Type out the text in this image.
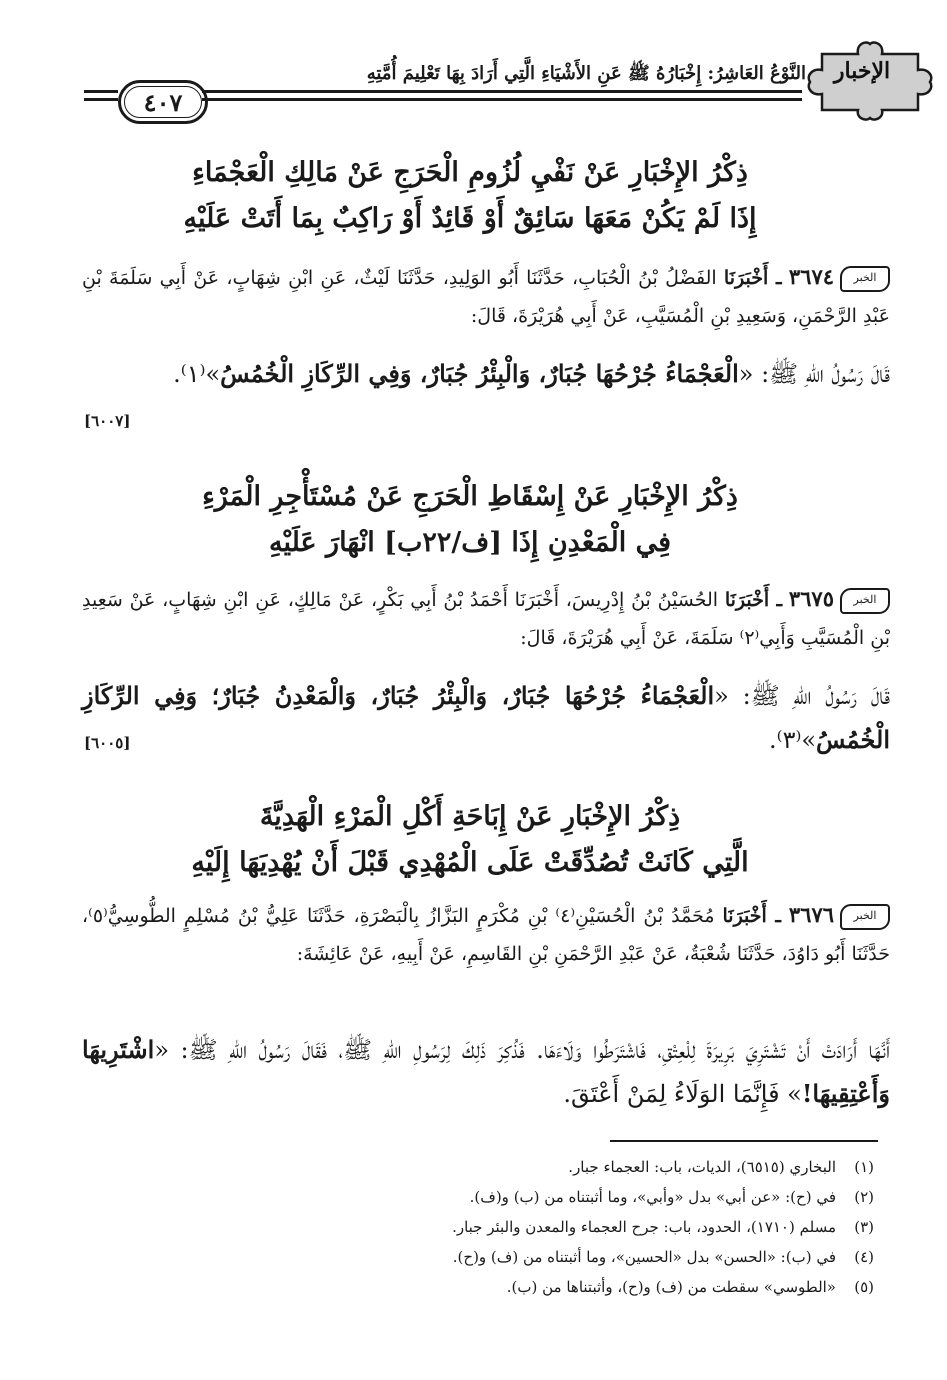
٤٠٧
النَّوْعُ العَاشِرُ: إِخْبَارُهُ ﷺ عَنِ الأَشْيَاءِ الَّتِي أَرَادَ بِهَا تَعْلِيمَ أُمَّتِهِ	الإخبار
ذِكْرُ الإِخْبَارِ عَنْ نَفْيِ لُزُومِ الْحَرَجِ عَنْ مَالِكِ الْعَجْمَاءِ
إِذَا لَمْ يَكُنْ مَعَهَا سَائِقٌ أَوْ قَائِدٌ أَوْ رَاكِبٌ بِمَا أَتَتْ عَلَيْهِ
الخبر٣٦٧٤ ـ أَخْبَرَنَا الفَضْلُ بْنُ الْحُبَابِ، حَدَّثَنَا أَبُو الوَلِيدِ، حَدَّثَنَا لَيْثٌ، عَنِ ابْنِ شِهَابٍ، عَنْ أَبِي سَلَمَةَ بْنِ عَبْدِ الرَّحْمَنِ، وَسَعِيدِ بْنِ الْمُسَيَّبِ، عَنْ أَبِي هُرَيْرَةَ، قَالَ:
قَالَ رَسُولُ اللهِ ﷺ: «الْعَجْمَاءُ جُرْحُهَا جُبَارٌ، وَالْبِئْرُ جُبَارٌ، وَفِي الرِّكَازِ الْخُمُسُ»⁽١⁾.
[٦٠٠٧]
ذِكْرُ الإِخْبَارِ عَنْ إِسْقَاطِ الْحَرَجِ عَنْ مُسْتَأْجِرِ الْمَرْءِ
فِي الْمَعْدِنِ إِذَا [ف/٢٢ب] انْهَارَ عَلَيْهِ
الخبر٣٦٧٥ ـ أَخْبَرَنَا الحُسَيْنُ بْنُ إِدْرِيسَ، أَخْبَرَنَا أَحْمَدُ بْنُ أَبِي بَكْرٍ، عَنْ مَالِكٍ، عَنِ ابْنِ شِهَابٍ، عَنْ سَعِيدِ بْنِ الْمُسَيَّبِ وَأَبِي⁽٢⁾ سَلَمَةَ، عَنْ أَبِي هُرَيْرَةَ، قَالَ:
قَالَ رَسُولُ اللهِ ﷺ: «الْعَجْمَاءُ جُرْحُهَا جُبَارٌ، وَالْبِئْرُ جُبَارٌ، وَالْمَعْدِنُ جُبَارٌ؛ وَفِي الرِّكَازِ الْخُمُسُ»⁽٣⁾.
[٦٠٠٥]
ذِكْرُ الإِخْبَارِ عَنْ إِبَاحَةِ أَكْلِ الْمَرْءِ الْهَدِيَّةَ
الَّتِي كَانَتْ تُصُدِّقَتْ عَلَى الْمُهْدِي قَبْلَ أَنْ يُهْدِيَهَا إِلَيْهِ
الخبر٣٦٧٦ ـ أَخْبَرَنَا مُحَمَّدُ بْنُ الْحُسَيْنِ⁽٤⁾ بْنِ مُكْرَمٍ البَزَّازُ بِالْبَصْرَةِ، حَدَّثَنَا عَلِيُّ بْنُ مُسْلِمٍ الطُّوسِيُّ⁽٥⁾، حَدَّثَنَا أَبُو دَاوُدَ، حَدَّثَنَا شُعْبَةُ، عَنْ عَبْدِ الرَّحْمَنِ بْنِ القَاسِمِ، عَنْ أَبِيهِ، عَنْ عَائِشَةَ:
أَنَّهَا أَرَادَتْ أَنْ تَشْتَرِيَ بَرِيرَةَ لِلْعِتْقِ، فَاشْتَرَطُوا وَلَاءَهَا. فَذُكِرَ ذَلِكَ لِرَسُولِ اللهِ ﷺ، فَقَالَ رَسُولُ اللهِ ﷺ: «اشْتَرِيهَا وَأَعْتِقِيهَا!» فَإِنَّمَا الوَلَاءُ لِمَنْ أَعْتَقَ.
(١)البخاري (٦٥١٥)، الديات، باب: العجماء جبار.
(٢)في (ح): «عن أبي» بدل «وأبي»، وما أثبتناه من (ب) و(ف).
(٣)مسلم (١٧١٠)، الحدود، باب: جرح العجماء والمعدن والبئر جبار.
(٤)في (ب): «الحسن» بدل «الحسين»، وما أثبتناه من (ف) و(ح).
(٥)«الطوسي» سقطت من (ف) و(ح)، وأثبتناها من (ب).
